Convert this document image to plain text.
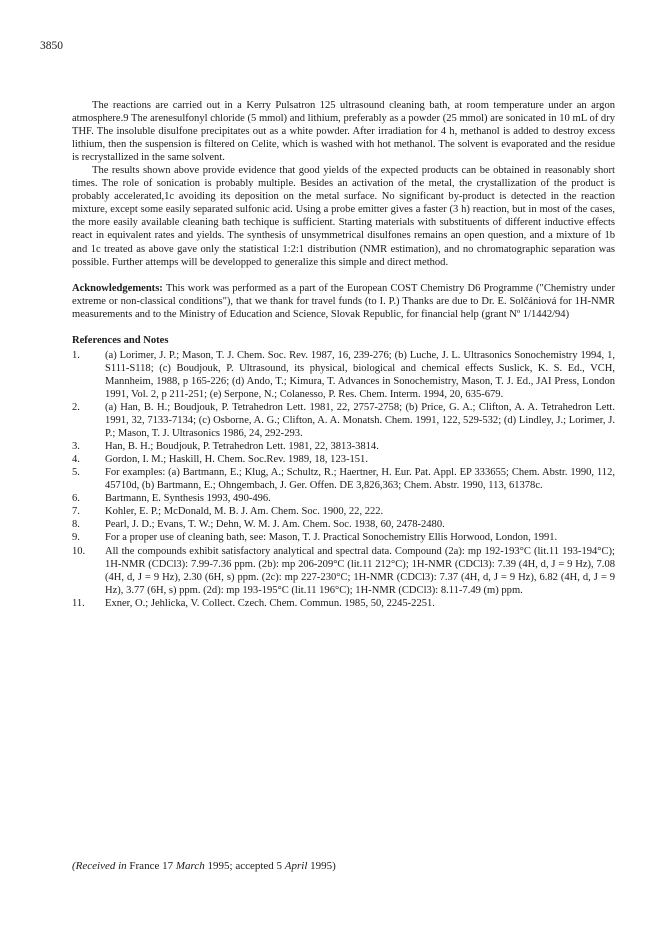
3850

The reactions are carried out in a Kerry Pulsatron 125 ultrasound cleaning bath, at room temperature under an argon atmosphere.9 The arenesulfonyl chloride (5 mmol) and lithium, preferably as a powder (25 mmol) are sonicated in 10 mL of dry THF. The insoluble disulfone precipitates out as a white powder. After irradiation for 4 h, methanol is added to destroy excess lithium, then the suspension is filtered on Celite, which is washed with hot methanol. The solvent is evaporated and the residue is recrystallized in the same solvent.

The results shown above provide evidence that good yields of the expected products can be obtained in reasonably short times. The role of sonication is probably multiple. Besides an activation of the metal, the crystallization of the product is probably accelerated,1c avoiding its deposition on the metal surface. No significant by-product is detected in the reaction mixture, except some easily separated sulfonic acid. Using a probe emitter gives a faster (3 h) reaction, but in most of the cases, the more easily available cleaning bath techique is sufficient. Starting materials with substituents of different inductive effects react in equivalent rates and yields. The synthesis of unsymmetrical disulfones remains an open question, and a mixture of 1b and 1c treated as above gave only the statistical 1:2:1 distribution (NMR estimation), and no chromatographic separation was possible. Further attemps will be developped to generalize this simple and direct method.

Acknowledgements: This work was performed as a part of the European COST Chemistry D6 Programme ("Chemistry under extreme or non-classical conditions"), that we thank for travel funds (to I. P.) Thanks are due to Dr. E. Solčániová for 1H-NMR measurements and to the Ministry of Education and Science, Slovak Republic, for financial help (grant Nº 1/1442/94)

References and Notes

1.	(a) Lorimer, J. P.; Mason, T. J. Chem. Soc. Rev. 1987, 16, 239-276; (b) Luche, J. L. Ultrasonics Sonochemistry 1994, 1, S111-S118; (c) Boudjouk, P. Ultrasound, its physical, biological and chemical effects Suslick, K. S. Ed., VCH, Mannheim, 1988, p 165-226; (d) Ando, T.; Kimura, T. Advances in Sonochemistry, Mason, T. J. Ed., JAI Press, London 1991, Vol. 2, p 211-251; (e) Serpone, N.; Colanesso, P. Res. Chem. Interm. 1994, 20, 635-679.
2.	(a) Han, B. H.; Boudjouk, P. Tetrahedron Lett. 1981, 22, 2757-2758; (b) Price, G. A.; Clifton, A. A. Tetrahedron Lett. 1991, 32, 7133-7134; (c) Osborne, A. G.; Clifton, A. A. Monatsh. Chem. 1991, 122, 529-532; (d) Lindley, J.; Lorimer, J. P.; Mason, T. J. Ultrasonics 1986, 24, 292-293.
3.	Han, B. H.; Boudjouk, P. Tetrahedron Lett. 1981, 22, 3813-3814.
4.	Gordon, I. M.; Haskill, H. Chem. Soc.Rev. 1989, 18, 123-151.
5.	For examples: (a) Bartmann, E.; Klug, A.; Schultz, R.; Haertner, H. Eur. Pat. Appl. EP 333655; Chem. Abstr. 1990, 112, 45710d, (b) Bartmann, E.; Ohngembach, J. Ger. Offen. DE 3,826,363; Chem. Abstr. 1990, 113, 61378c.
6.	Bartmann, E. Synthesis 1993, 490-496.
7.	Kohler, E. P.; McDonald, M. B. J. Am. Chem. Soc. 1900, 22, 222.
8.	Pearl, J. D.; Evans, T. W.; Dehn, W. M. J. Am. Chem. Soc. 1938, 60, 2478-2480.
9.	For a proper use of cleaning bath, see: Mason, T. J. Practical Sonochemistry Ellis Horwood, London, 1991.
10.	All the compounds exhibit satisfactory analytical and spectral data. Compound (2a): mp 192-193°C (lit.11 193-194°C); 1H-NMR (CDCl3): 7.99-7.36 ppm. (2b): mp 206-209°C (lit.11 212°C); 1H-NMR (CDCl3): 7.39 (4H, d, J = 9 Hz), 7.08 (4H, d, J = 9 Hz), 2.30 (6H, s) ppm. (2c): mp 227-230°C; 1H-NMR (CDCl3): 7.37 (4H, d, J = 9 Hz), 6.82 (4H, d, J = 9 Hz), 3.77 (6H, s) ppm. (2d): mp 193-195°C (lit.11 196°C); 1H-NMR (CDCl3): 8.11-7.49 (m) ppm.
11.	Exner, O.; Jehlicka, V. Collect. Czech. Chem. Commun. 1985, 50, 2245-2251.
(Received in France 17 March 1995; accepted 5 April 1995)
